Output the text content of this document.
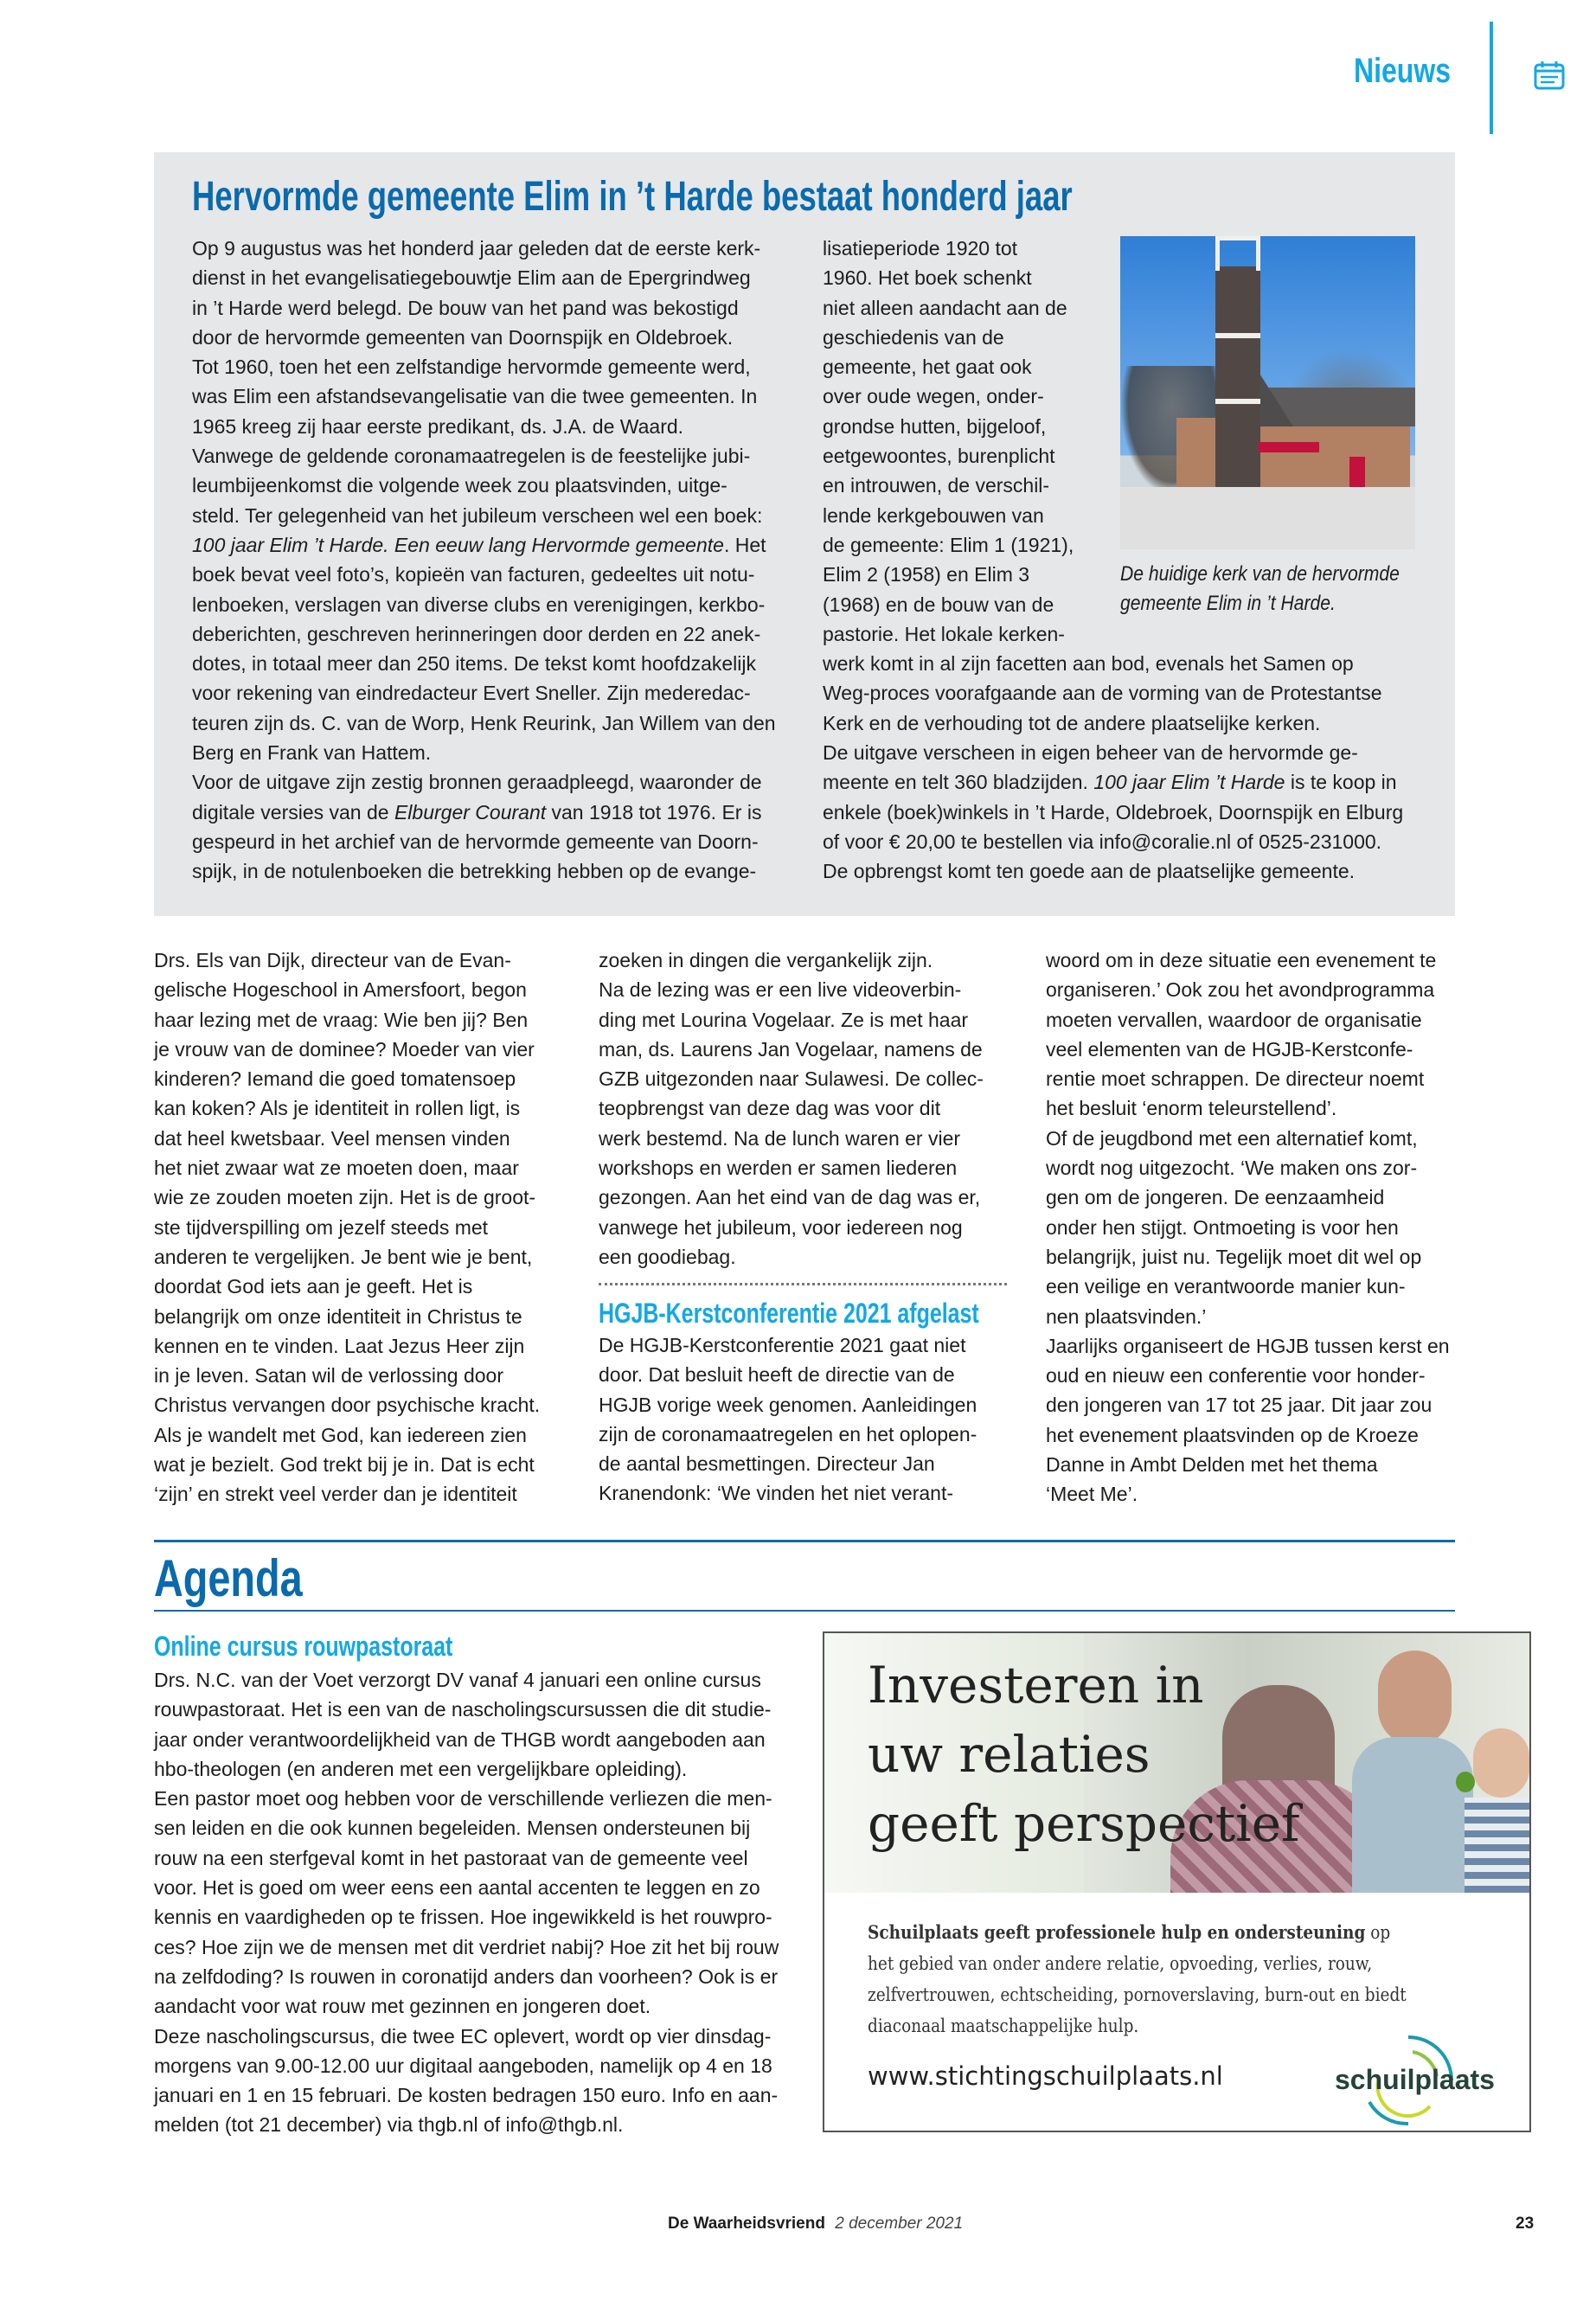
Nieuws
Hervormde gemeente Elim in ’t Harde bestaat honderd jaar
Op 9 augustus was het honderd jaar geleden dat de eerste kerk-
dienst in het evangelisatiegebouwtje Elim aan de Epergrindweg
in ’t Harde werd belegd. De bouw van het pand was bekostigd
door de hervormde gemeenten van Doornspijk en Oldebroek.
Tot 1960, toen het een zelfstandige hervormde gemeente werd,
was Elim een afstandsevangelisatie van die twee gemeenten. In
1965 kreeg zij haar eerste predikant, ds. J.A. de Waard.
Vanwege de geldende coronamaatregelen is de feestelijke jubi-
leumbijeenkomst die volgende week zou plaatsvinden, uitge-
steld. Ter gelegenheid van het jubileum verscheen wel een boek:
100 jaar Elim ’t Harde. Een eeuw lang Hervormde gemeente. Het
boek bevat veel foto’s, kopieën van facturen, gedeeltes uit notu-
lenboeken, verslagen van diverse clubs en verenigingen, kerkbo-
deberichten, geschreven herinneringen door derden en 22 anek-
dotes, in totaal meer dan 250 items. De tekst komt hoofdzakelijk
voor rekening van eindredacteur Evert Sneller. Zijn mederedac-
teuren zijn ds. C. van de Worp, Henk Reurink, Jan Willem van den
Berg en Frank van Hattem.
Voor de uitgave zijn zestig bronnen geraadpleegd, waaronder de
digitale versies van de Elburger Courant van 1918 tot 1976. Er is
gespeurd in het archief van de hervormde gemeente van Doorn-
spijk, in de notulenboeken die betrekking hebben op de evange-
lisatieperiode 1920 tot
1960. Het boek schenkt
niet alleen aandacht aan de
geschiedenis van de
gemeente, het gaat ook
over oude wegen, onder-
grondse hutten, bijgeloof,
eetgewoontes, burenplicht
en introuwen, de verschil-
lende kerkgebouwen van
de gemeente: Elim 1 (1921),
Elim 2 (1958) en Elim 3
(1968) en de bouw van de
pastorie. Het lokale kerken-
werk komt in al zijn facetten aan bod, evenals het Samen op
Weg-proces voorafgaande aan de vorming van de Protestantse
Kerk en de verhouding tot de andere plaatselijke kerken.
De uitgave verscheen in eigen beheer van de hervormde ge-
meente en telt 360 bladzijden. 100 jaar Elim ’t Harde is te koop in
enkele (boek)winkels in ’t Harde, Oldebroek, Doornspijk en Elburg
of voor € 20,00 te bestellen via info@coralie.nl of 0525-231000.
De opbrengst komt ten goede aan de plaatselijke gemeente.
De huidige kerk van de hervormde
gemeente Elim in ’t Harde.
Drs. Els van Dijk, directeur van de Evan-
gelische Hogeschool in Amersfoort, begon
haar lezing met de vraag: Wie ben jij? Ben
je vrouw van de dominee? Moeder van vier
kinderen? Iemand die goed tomatensoep
kan koken? Als je identiteit in rollen ligt, is
dat heel kwetsbaar. Veel mensen vinden
het niet zwaar wat ze moeten doen, maar
wie ze zouden moeten zijn. Het is de groot-
ste tijdverspilling om jezelf steeds met
anderen te vergelijken. Je bent wie je bent,
doordat God iets aan je geeft. Het is
belangrijk om onze identiteit in Christus te
kennen en te vinden. Laat Jezus Heer zijn
in je leven. Satan wil de verlossing door
Christus vervangen door psychische kracht.
Als je wandelt met God, kan iedereen zien
wat je bezielt. God trekt bij je in. Dat is echt
‘zijn’ en strekt veel verder dan je identiteit
zoeken in dingen die vergankelijk zijn.
Na de lezing was er een live videoverbin-
ding met Lourina Vogelaar. Ze is met haar
man, ds. Laurens Jan Vogelaar, namens de
GZB uitgezonden naar Sulawesi. De collec-
teopbrengst van deze dag was voor dit
werk bestemd. Na de lunch waren er vier
workshops en werden er samen liederen
gezongen. Aan het eind van de dag was er,
vanwege het jubileum, voor iedereen nog
een goodiebag.
HGJB-Kerstconferentie 2021 afgelast
De HGJB-Kerstconferentie 2021 gaat niet
door. Dat besluit heeft de directie van de
HGJB vorige week genomen. Aanleidingen
zijn de coronamaatregelen en het oplopen-
de aantal besmettingen. Directeur Jan
Kranendonk: ‘We vinden het niet verant-
woord om in deze situatie een evenement te
organiseren.’ Ook zou het avondprogramma
moeten vervallen, waardoor de organisatie
veel elementen van de HGJB-Kerstconfe-
rentie moet schrappen. De directeur noemt
het besluit ‘enorm teleurstellend’.
Of de jeugdbond met een alternatief komt,
wordt nog uitgezocht. ‘We maken ons zor-
gen om de jongeren. De eenzaamheid
onder hen stijgt. Ontmoeting is voor hen
belangrijk, juist nu. Tegelijk moet dit wel op
een veilige en verantwoorde manier kun-
nen plaatsvinden.’
Jaarlijks organiseert de HGJB tussen kerst en
oud en nieuw een conferentie voor honder-
den jongeren van 17 tot 25 jaar. Dit jaar zou
het evenement plaatsvinden op de Kroeze
Danne in Ambt Delden met het thema
‘Meet Me’.
Agenda
Online cursus rouwpastoraat
Drs. N.C. van der Voet verzorgt DV vanaf 4 januari een online cursus
rouwpastoraat. Het is een van de nascholingscursussen die dit studie-
jaar onder verantwoordelijkheid van de THGB wordt aangeboden aan
hbo-theologen (en anderen met een vergelijkbare opleiding).
Een pastor moet oog hebben voor de verschillende verliezen die men-
sen leiden en die ook kunnen begeleiden. Mensen ondersteunen bij
rouw na een sterfgeval komt in het pastoraat van de gemeente veel
voor. Het is goed om weer eens een aantal accenten te leggen en zo
kennis en vaardigheden op te frissen. Hoe ingewikkeld is het rouwpro-
ces? Hoe zijn we de mensen met dit verdriet nabij? Hoe zit het bij rouw
na zelfdoding? Is rouwen in coronatijd anders dan voorheen? Ook is er
aandacht voor wat rouw met gezinnen en jongeren doet.
Deze nascholingscursus, die twee EC oplevert, wordt op vier dinsdag-
morgens van 9.00-12.00 uur digitaal aangeboden, namelijk op 4 en 18
januari en 1 en 15 februari. De kosten bedragen 150 euro. Info en aan-
melden (tot 21 december) via thgb.nl of info@thgb.nl.
Investeren in
uw relaties
geeft perspectief
Schuilplaats geeft professionele hulp en ondersteuning op
het gebied van onder andere relatie, opvoeding, verlies, rouw,
zelfvertrouwen, echtscheiding, pornoverslaving, burn-out en biedt
diaconaal maatschappelijke hulp.
www.stichtingschuilplaats.nl	schuilplaats
De Waarheidsvriend 2 december 2021	23
